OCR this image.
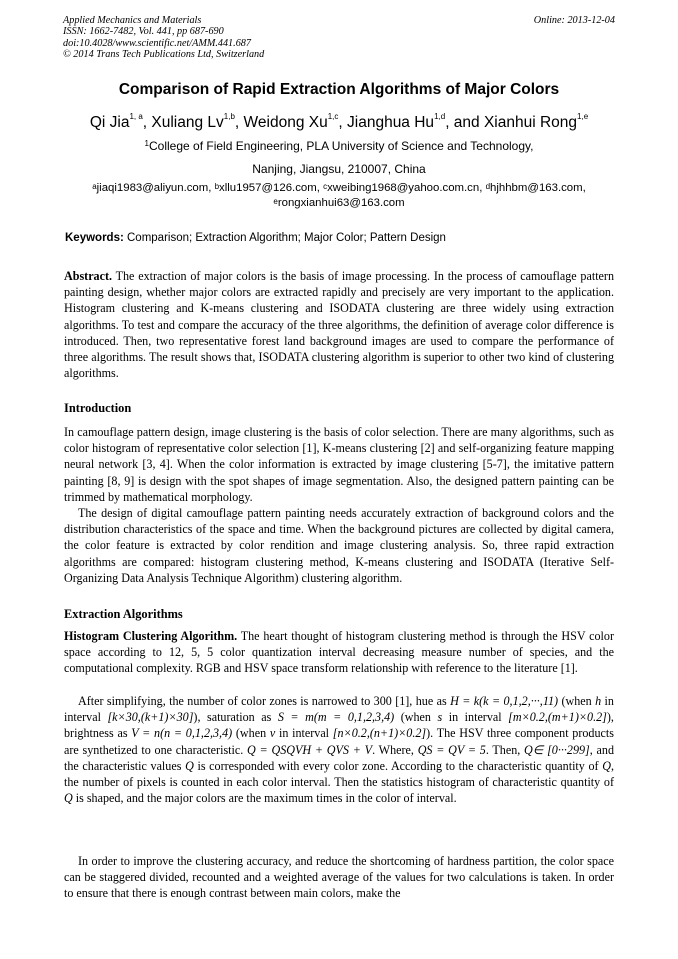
Applied Mechanics and Materials
ISSN: 1662-7482, Vol. 441, pp 687-690
doi:10.4028/www.scientific.net/AMM.441.687
© 2014 Trans Tech Publications Ltd, Switzerland
Online: 2013-12-04
Comparison of Rapid Extraction Algorithms of Major Colors
Qi Jia$^{1, a}$, Xuliang Lv$^{1,b}$, Weidong Xu$^{1,c}$, Jianghua Hu$^{1,d}$, and Xianhui Rong$^{1,e}$
$^1$College of Field Engineering, PLA University of Science and Technology,
Nanjing, Jiangsu, 210007, China
$^a$jiaqi1983@aliyun.com, $^b$xllu1957@126.com, $^c$xweibing1968@yahoo.com.cn, $^d$hjhhbm@163.com,
$^e$rongxianhui63@163.com
Keywords: Comparison; Extraction Algorithm; Major Color; Pattern Design
Abstract. The extraction of major colors is the basis of image processing. In the process of camouflage pattern painting design, whether major colors are extracted rapidly and precisely are very important to the application. Histogram clustering and K-means clustering and ISODATA clustering are three widely using extraction algorithms. To test and compare the accuracy of the three algorithms, the definition of average color difference is introduced. Then, two representative forest land background images are used to compare the performance of three algorithms. The result shows that, ISODATA clustering algorithm is superior to other two kind of clustering algorithms.
Introduction
In camouflage pattern design, image clustering is the basis of color selection. There are many algorithms, such as color histogram of representative color selection [1], K-means clustering [2] and self-organizing feature mapping neural network [3, 4]. When the color information is extracted by image clustering [5-7], the imitative pattern painting [8, 9] is design with the spot shapes of image segmentation. Also, the designed pattern painting can be trimmed by mathematical morphology.
The design of digital camouflage pattern painting needs accurately extraction of background colors and the distribution characteristics of the space and time. When the background pictures are collected by digital camera, the color feature is extracted by color rendition and image clustering analysis. So, three rapid extraction algorithms are compared: histogram clustering method, K-means clustering and ISODATA (Iterative Self-Organizing Data Analysis Technique Algorithm) clustering algorithm.
Extraction Algorithms
Histogram Clustering Algorithm. The heart thought of histogram clustering method is through the HSV color space according to 12, 5, 5 color quantization interval decreasing measure number of species, and the computational complexity. RGB and HSV space transform relationship with reference to the literature [1].
After simplifying, the number of color zones is narrowed to 300 [1], hue as H = k(k = 0,1,2,···,11) (when h in interval [k×30,(k+1)×30]), saturation as S = m(m = 0,1,2,3,4) (when s in interval [m×0.2,(m+1)×0.2]), brightness as V = n(n = 0,1,2,3,4) (when v in interval [n×0.2,(n+1)×0.2]). The HSV three component products are synthetized to one characteristic. Q = QSQVH + QVS + V. Where, QS = QV = 5. Then, Q∈ [0···299], and the characteristic values Q is corresponded with every color zone. According to the characteristic quantity of Q, the number of pixels is counted in each color interval. Then the statistics histogram of characteristic quantity of Q is shaped, and the major colors are the maximum times in the color of interval.
In order to improve the clustering accuracy, and reduce the shortcoming of hardness partition, the color space can be staggered divided, recounted and a weighted average of the values for two calculations is taken. In order to ensure that there is enough contrast between main colors, make the
